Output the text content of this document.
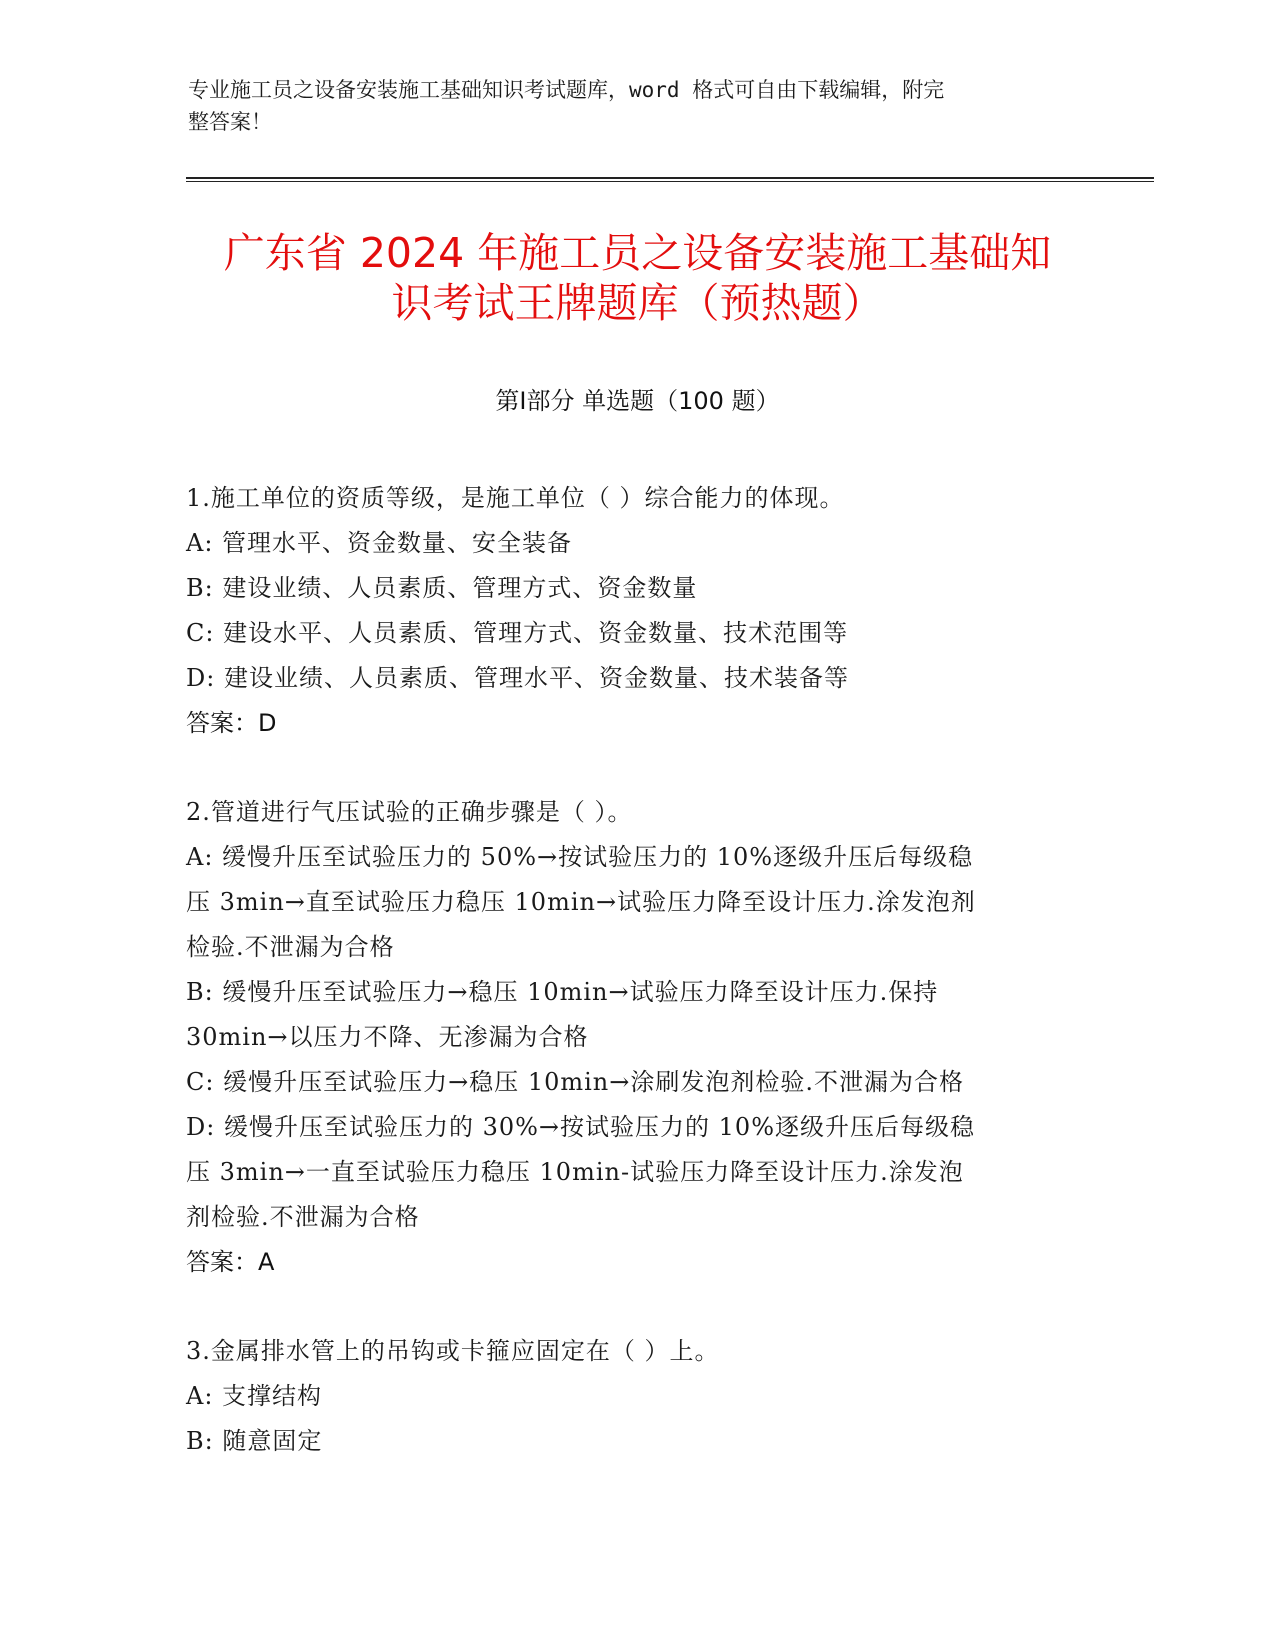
专业施工员之设备安装施工基础知识考试题库，word 格式可自由下载编辑，附完
整答案！
广东省 2024 年施工员之设备安装施工基础知
识考试王牌题库（预热题）
第Ⅰ部分 单选题（100 题）
1.施工单位的资质等级，是施工单位（ ）综合能力的体现。
A: 管理水平、资金数量、安全装备
B: 建设业绩、人员素质、管理方式、资金数量
C: 建设水平、人员素质、管理方式、资金数量、技术范围等
D: 建设业绩、人员素质、管理水平、资金数量、技术装备等
答案：D
2.管道进行气压试验的正确步骤是（ ）。
A: 缓慢升压至试验压力的 50%→按试验压力的 10%逐级升压后每级稳
压 3min→直至试验压力稳压 10min→试验压力降至设计压力.涂发泡剂
检验.不泄漏为合格
B: 缓慢升压至试验压力→稳压 10min→试验压力降至设计压力.保持
30min→以压力不降、无渗漏为合格
C: 缓慢升压至试验压力→稳压 10min→涂刷发泡剂检验.不泄漏为合格
D: 缓慢升压至试验压力的 30%→按试验压力的 10%逐级升压后每级稳
压 3min→一直至试验压力稳压 10min-试验压力降至设计压力.涂发泡
剂检验.不泄漏为合格
答案：A
3.金属排水管上的吊钩或卡箍应固定在（ ）上。
A: 支撑结构
B: 随意固定
